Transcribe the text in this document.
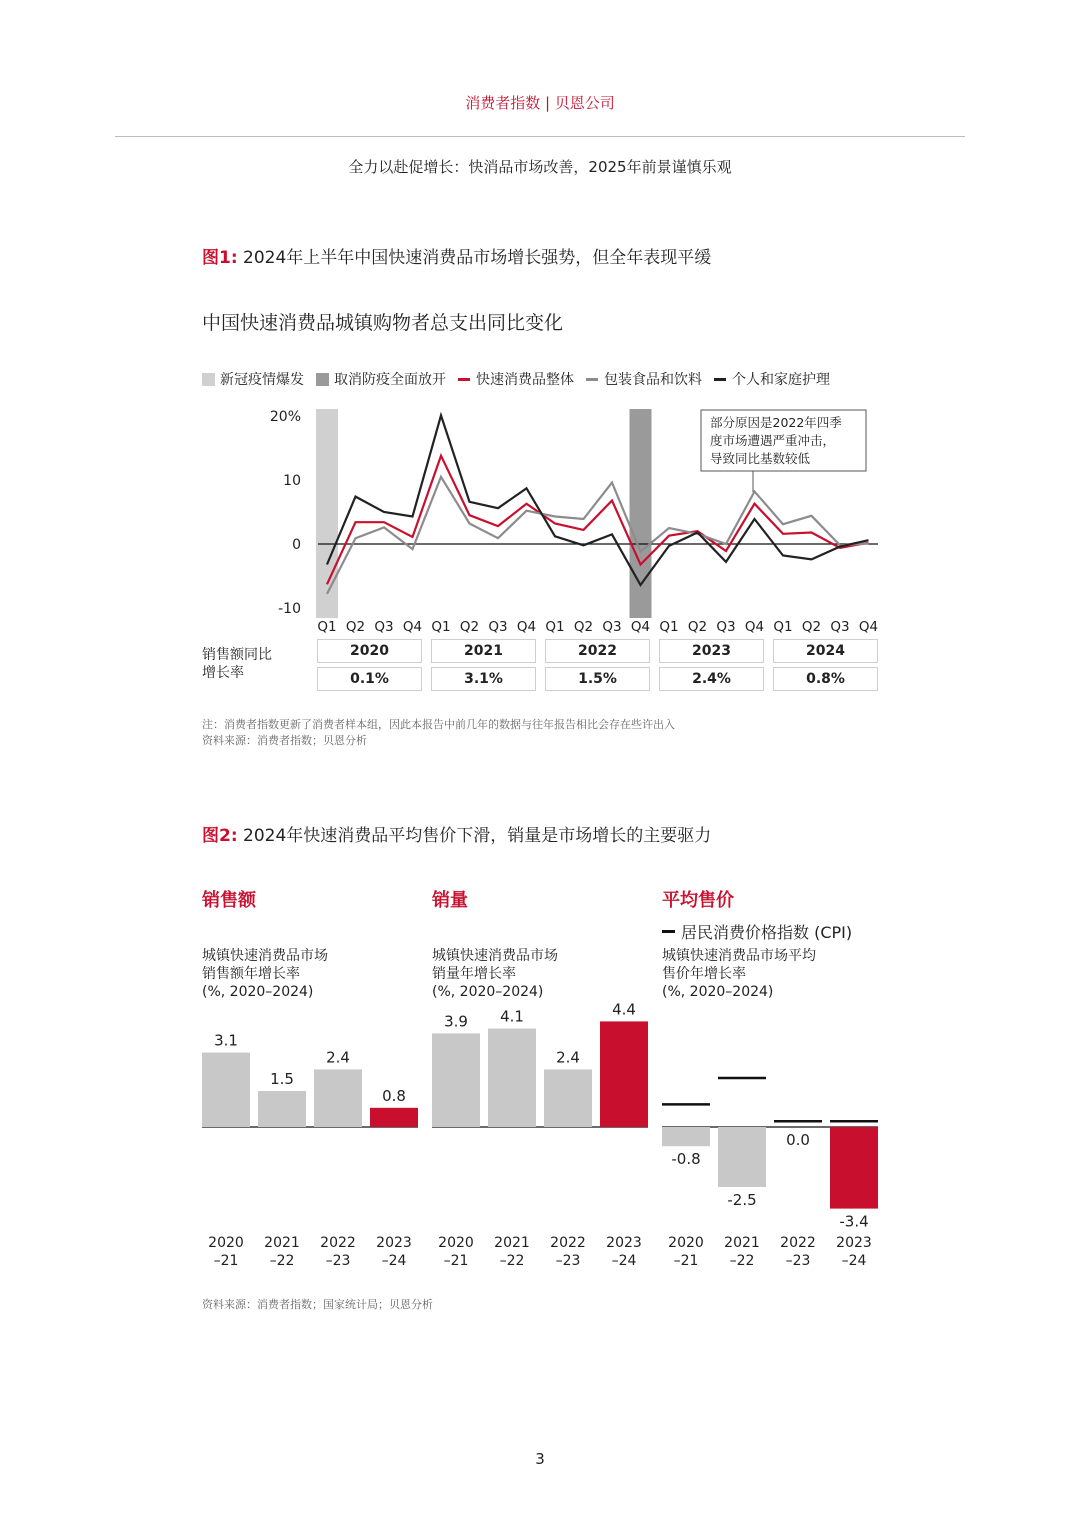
消费者指数 | 贝恩公司
全力以赴促增长：快消品市场改善，2025年前景谨慎乐观
图1: 2024年上半年中国快速消费品市场增长强势，但全年表现平缓
中国快速消费品城镇购物者总支出同比变化
新冠疫情爆发 取消防疫全面放开 快速消费品整体 包装食品和饮料 个人和家庭护理
20%
10
0
-10
Q1 Q2 Q3 Q4 Q1 Q2 Q3 Q4 Q1 Q2 Q3 Q4 Q1 Q2 Q3 Q4 Q1 Q2 Q3 Q4
部分原因是2022年四季
度市场遭遇严重冲击，
导致同比基数较低
销售额同比
增长率
2020	2021	2022	2023	2024
0.1%	3.1%	1.5%	2.4%	0.8%
注：消费者指数更新了消费者样本组，因此本报告中前几年的数据与往年报告相比会存在些许出入
资料来源：消费者指数；贝恩分析
图2: 2024年快速消费品平均售价下滑，销量是市场增长的主要驱力
销售额	销量	平均售价
居民消费价格指数 (CPI)
城镇快速消费品市场
销售额年增长率
(%, 2020–2024)
城镇快速消费品市场
销量年增长率
(%, 2020–2024)
城镇快速消费品市场平均
售价年增长率
(%, 2020–2024)
3.1
2020
–21
1.5
2021
–22
2.4
2022
–23
0.8
2023
–24
3.9
2020
–21
4.1
2021
–22
2.4
2022
–23
4.4
2023
–24
-0.8
2020
–21
-2.5
2021
–22
0.0
2022
–23
-3.4
2023
–24
资料来源：消费者指数；国家统计局；贝恩分析
3
